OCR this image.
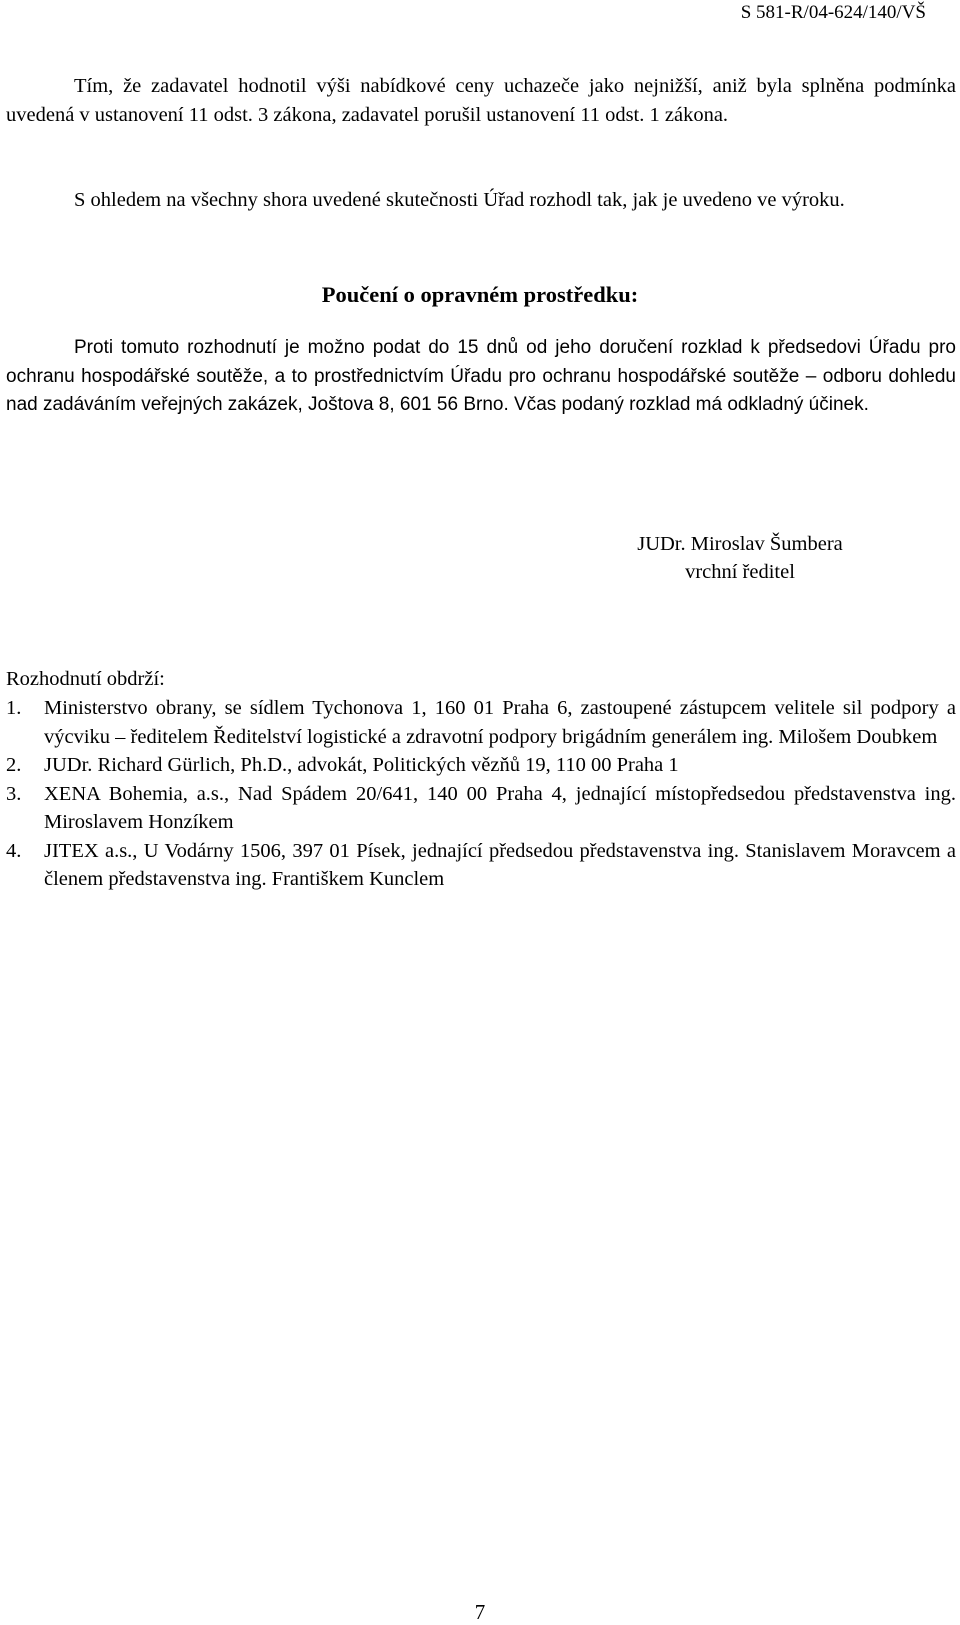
S 581-R/04-624/140/VŠ
Tím, že zadavatel hodnotil výši nabídkové ceny uchazeče jako nejnižší, aniž byla splněna podmínka uvedená v ustanovení 11 odst. 3 zákona, zadavatel porušil ustanovení 11 odst. 1 zákona.
S ohledem na všechny shora uvedené skutečnosti Úřad rozhodl tak, jak je uvedeno ve výroku.
Poučení o opravném prostředku:
Proti tomuto rozhodnutí je možno podat do 15 dnů od jeho doručení rozklad k předsedovi Úřadu pro ochranu hospodářské soutěže, a to prostřednictvím Úřadu pro ochranu hospodářské soutěže – odboru dohledu nad zadáváním veřejných zakázek, Joštova 8, 601 56 Brno. Včas podaný rozklad má odkladný účinek.
JUDr. Miroslav Šumbera
vrchní ředitel
Rozhodnutí obdrží:
1.	Ministerstvo obrany, se sídlem Tychonova 1, 160 01 Praha 6, zastoupené zástupcem velitele sil podpory a výcviku – ředitelem Ředitelství logistické a zdravotní podpory brigádním generálem ing. Milošem Doubkem
2.	JUDr. Richard Gürlich, Ph.D., advokát, Politických vězňů 19, 110 00 Praha 1
3.	XENA Bohemia, a.s., Nad Spádem 20/641, 140 00 Praha 4, jednající místopředsedou představenstva ing. Miroslavem Honzíkem
4.	JITEX a.s., U Vodárny 1506, 397 01 Písek, jednající předsedou představenstva ing. Stanislavem Moravcem a členem představenstva ing. Františkem Kunclem
7
